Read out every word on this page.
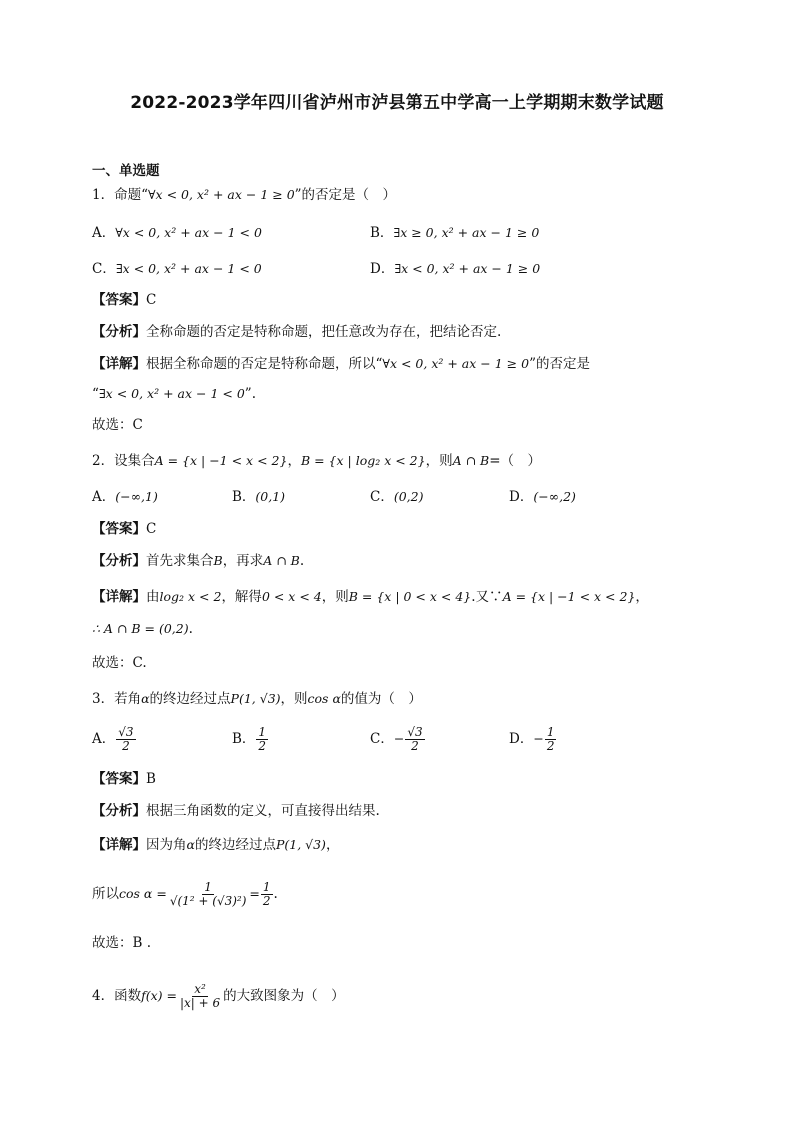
2022-2023学年四川省泸州市泸县第五中学高一上学期期末数学试题
一、单选题
1．命题“∀x < 0, x² + ax − 1 ≥ 0”的否定是（　）
A．∀x < 0, x² + ax − 1 < 0	B．∃x ≥ 0, x² + ax − 1 ≥ 0
C．∃x < 0, x² + ax − 1 < 0	D．∃x < 0, x² + ax − 1 ≥ 0
【答案】C
【分析】全称命题的否定是特称命题，把任意改为存在，把结论否定.
【详解】根据全称命题的否定是特称命题，所以“∀x < 0, x² + ax − 1 ≥ 0”的否定是
“∃x < 0, x² + ax − 1 < 0”.
故选：C
2．设集合A = {x | −1 < x < 2}，B = {x | log₂ x < 2}，则A ∩ B=（　）
A．(−∞,1)	B．(0,1)	C．(0,2)	D．(−∞,2)
【答案】C
【分析】首先求集合B，再求A ∩ B.
【详解】由log₂ x < 2，解得0 < x < 4，则B = {x | 0 < x < 4}.又∵A = {x | −1 < x < 2}，
∴ A ∩ B = (0,2).
故选：C.
3．若角α的终边经过点P(1, √3)，则cos α的值为（　）
A． $\frac{√3}{2}$	B． $\frac{1}{2}$	C．− $\frac{√3}{2}$	D．− $\frac{1}{2}$
【答案】B
【分析】根据三角函数的定义，可直接得出结果.
【详解】因为角α的终边经过点P(1, √3)，
所以$\cos \alpha = \frac{1}{\text{√(1² + (√3)²)}} = \frac{1}{2}$ .
故选：B .
4．函数$f(x) = \frac{\text{x²}}{|x| + 6}$ 的大致图象为（　）
